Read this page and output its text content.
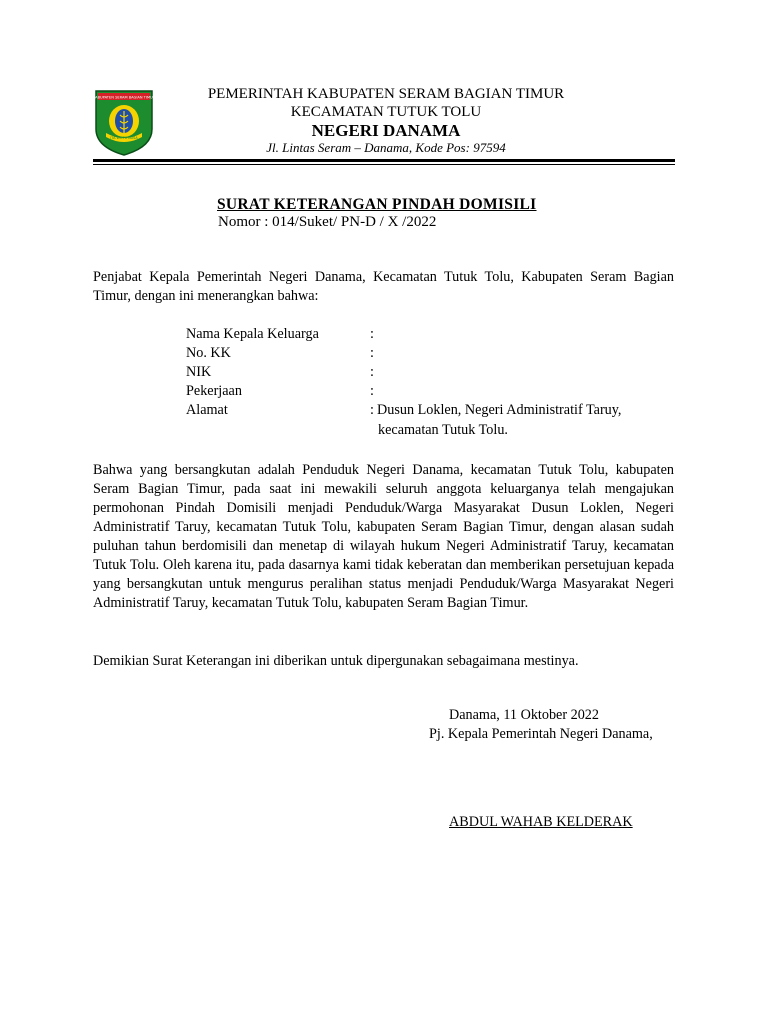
KABUPATEN SERAM BAGIAN TIMUR
ITA WOTU NUSA
PEMERINTAH KABUPATEN SERAM BAGIAN TIMUR
KECAMATAN TUTUK TOLU
NEGERI DANAMA
Jl. Lintas Seram – Danama, Kode Pos: 97594
SURAT KETERANGAN PINDAH DOMISILI
Nomor : 014/Suket/ PN-D / X /2022
Penjabat Kepala Pemerintah Negeri Danama, Kecamatan Tutuk Tolu, Kabupaten Seram Bagian Timur, dengan ini menerangkan bahwa:
Nama Kepala Keluarga	:
No. KK	:
NIK	:
Pekerjaan	:
Alamat	: Dusun Loklen, Negeri Administratif Taruy,
kecamatan Tutuk Tolu.
Bahwa yang bersangkutan adalah Penduduk Negeri Danama, kecamatan Tutuk Tolu, kabupaten Seram Bagian Timur, pada saat ini mewakili seluruh anggota keluarganya telah mengajukan permohonan Pindah Domisili menjadi Penduduk/Warga Masyarakat Dusun Loklen, Negeri Administratif Taruy, kecamatan Tutuk Tolu, kabupaten Seram Bagian Timur, dengan alasan sudah puluhan tahun berdomisili dan menetap di wilayah hukum Negeri Administratif Taruy, kecamatan Tutuk Tolu. Oleh karena itu, pada dasarnya kami tidak keberatan dan memberikan persetujuan kepada yang bersangkutan untuk mengurus peralihan status menjadi Penduduk/Warga Masyarakat Negeri Administratif Taruy, kecamatan Tutuk Tolu, kabupaten Seram Bagian Timur.
Demikian Surat Keterangan ini diberikan untuk dipergunakan sebagaimana mestinya.
Danama, 11 Oktober 2022
Pj. Kepala Pemerintah Negeri Danama,
ABDUL WAHAB KELDERAK
